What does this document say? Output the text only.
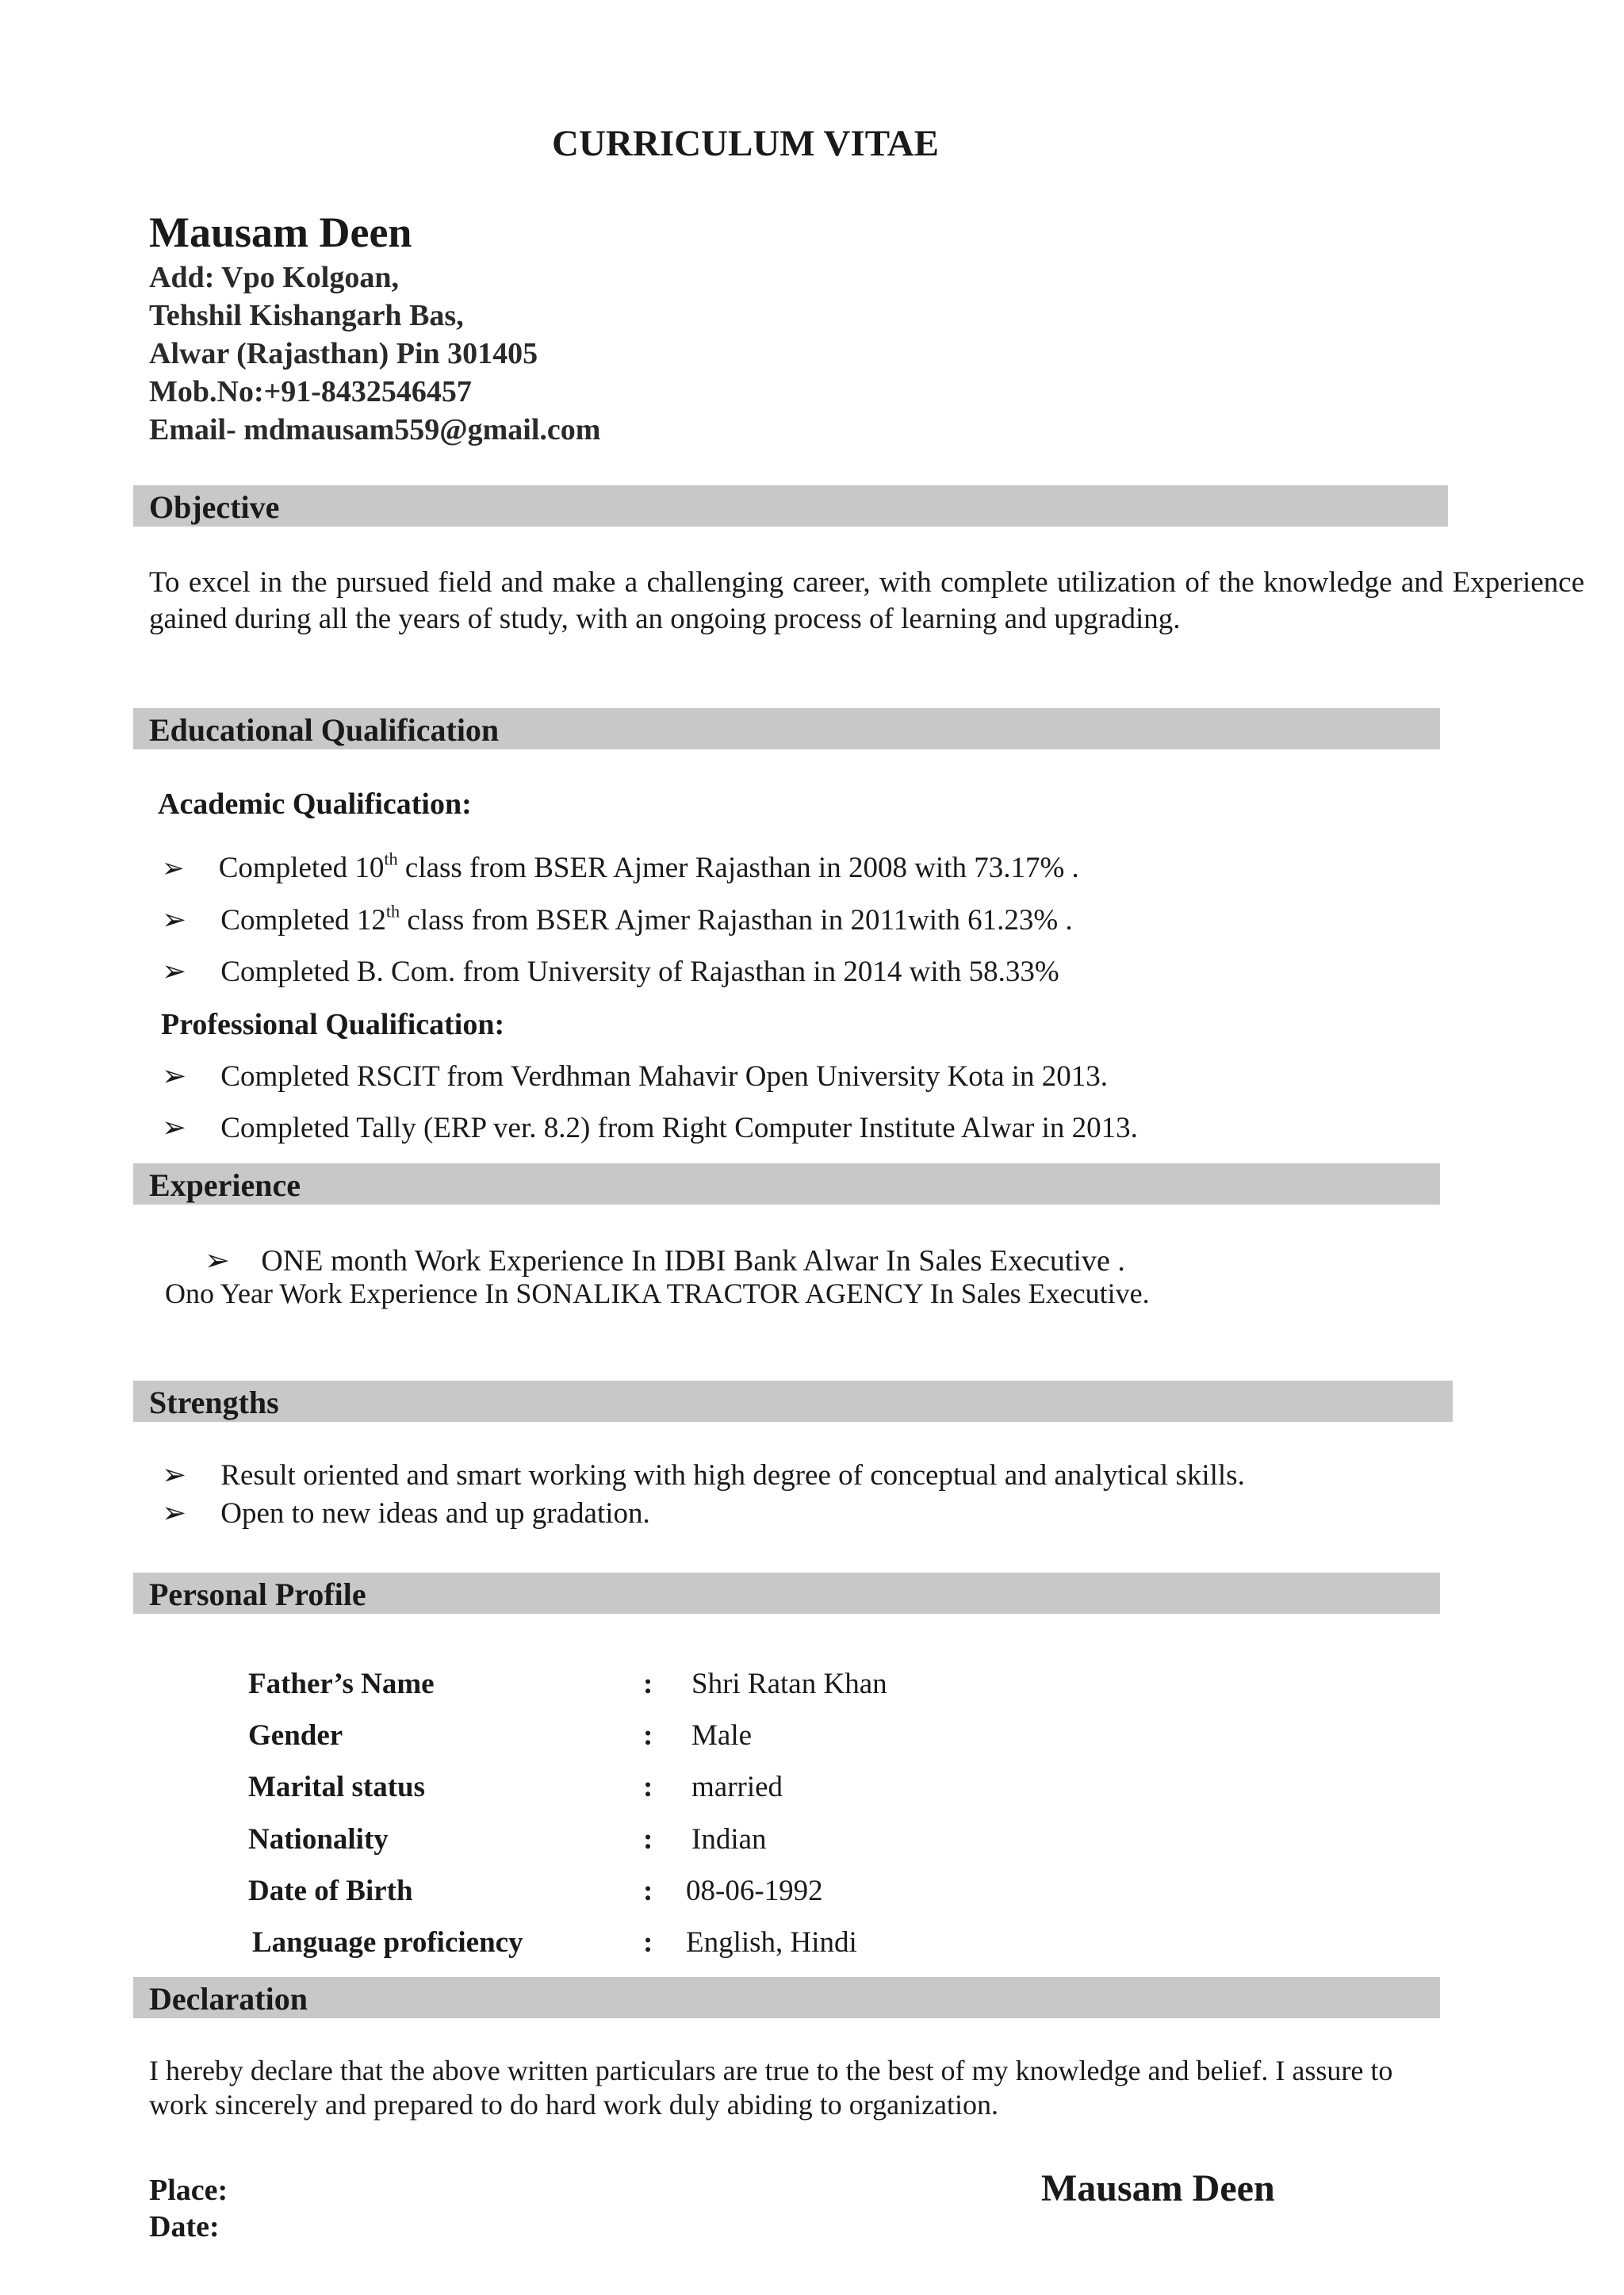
CURRICULUM VITAE
Mausam Deen
Add: Vpo Kolgoan,
Tehshil Kishangarh Bas,
Alwar (Rajasthan) Pin 301405
Mob.No:+91-8432546457
Email- mdmausam559@gmail.com
Objective
To excel in the pursued field and make a challenging career, with complete utilization of the knowledge and Experience gained during all the years of study, with an ongoing process of learning and upgrading.
Educational Qualification
Academic Qualification:
➢ Completed 10th class from BSER Ajmer Rajasthan in 2008 with 73.17% .
➢ Completed 12th class from BSER Ajmer Rajasthan in 2011with 61.23% .
➢ Completed B. Com. from University of Rajasthan in 2014 with 58.33%
Professional Qualification:
➢ Completed RSCIT from Verdhman Mahavir Open University Kota in 2013.
➢ Completed Tally (ERP ver. 8.2) from Right Computer Institute Alwar in 2013.
Experience
➢ ONE month Work Experience In IDBI Bank Alwar In Sales Executive .
Ono Year Work Experience In SONALIKA TRACTOR AGENCY In Sales Executive.
Strengths
➢ Result oriented and smart working with high degree of conceptual and analytical skills.
➢ Open to new ideas and up gradation.
Personal Profile
Father’s Name	: Shri Ratan Khan
Gender	: Male
Marital status	: married
Nationality	: Indian
Date of Birth	: 08-06-1992
Language proficiency	: English, Hindi
Declaration
I hereby declare that the above written particulars are true to the best of my knowledge and belief. I assure to
work sincerely and prepared to do hard work duly abiding to organization.
Place:
Date:
Mausam Deen
